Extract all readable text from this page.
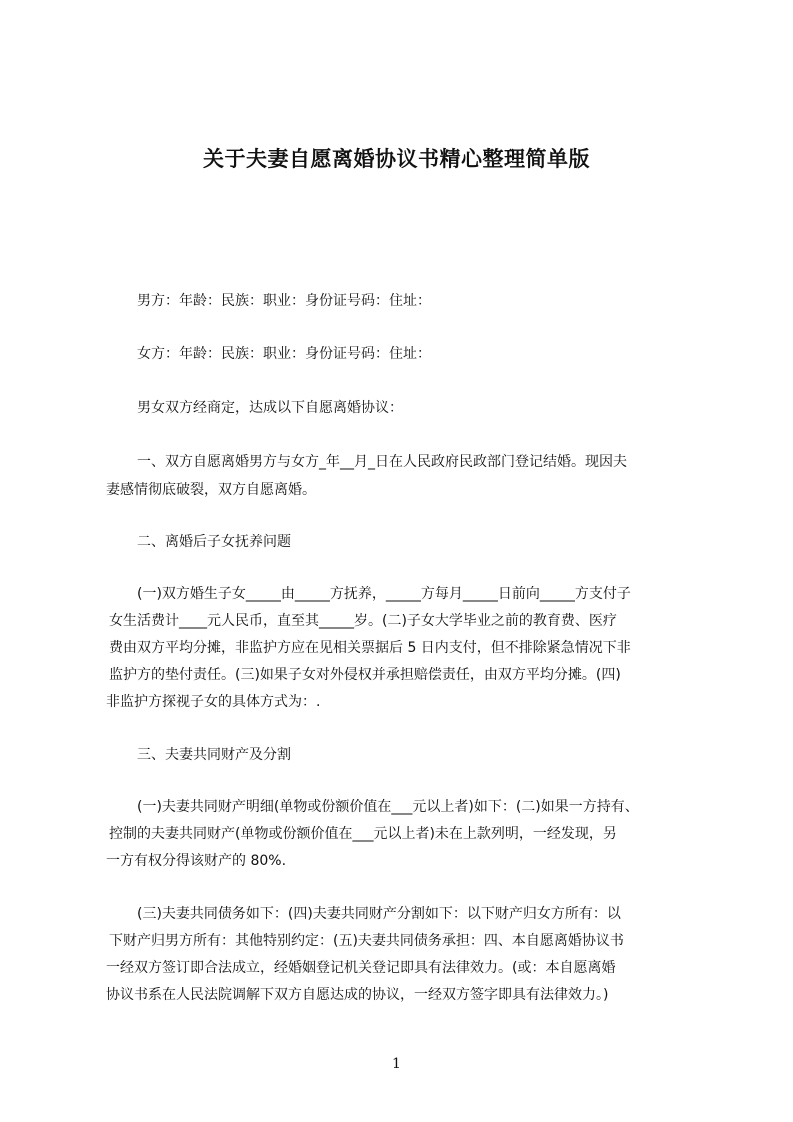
关于夫妻自愿离婚协议书精心整理简单版
男方：年龄：民族：职业：身份证号码：住址：
女方：年龄：民族：职业：身份证号码：住址：
男女双方经商定，达成以下自愿离婚协议：
一、双方自愿离婚男方与女方_年__月_日在人民政府民政部门登记结婚。现因夫
妻感情彻底破裂，双方自愿离婚。
二、离婚后子女抚养问题
(一)双方婚生子女_____由_____方抚养，_____方每月_____日前向_____方支付子
女生活费计____元人民币，直至其_____岁。(二)子女大学毕业之前的教育费、医疗
费由双方平均分摊，非监护方应在见相关票据后 5 日内支付，但不排除紧急情况下非
监护方的垫付责任。(三)如果子女对外侵权并承担赔偿责任，由双方平均分摊。(四)
非监护方探视子女的具体方式为：.
三、夫妻共同财产及分割
(一)夫妻共同财产明细(单物或份额价值在___元以上者)如下：(二)如果一方持有、
控制的夫妻共同财产(单物或份额价值在___元以上者)未在上款列明，一经发现，另
一方有权分得该财产的 80%.
(三)夫妻共同债务如下：(四)夫妻共同财产分割如下：以下财产归女方所有：以
下财产归男方所有：其他特别约定：(五)夫妻共同债务承担：四、本自愿离婚协议书
一经双方签订即合法成立，经婚姻登记机关登记即具有法律效力。(或：本自愿离婚
协议书系在人民法院调解下双方自愿达成的协议，一经双方签字即具有法律效力。)
1
